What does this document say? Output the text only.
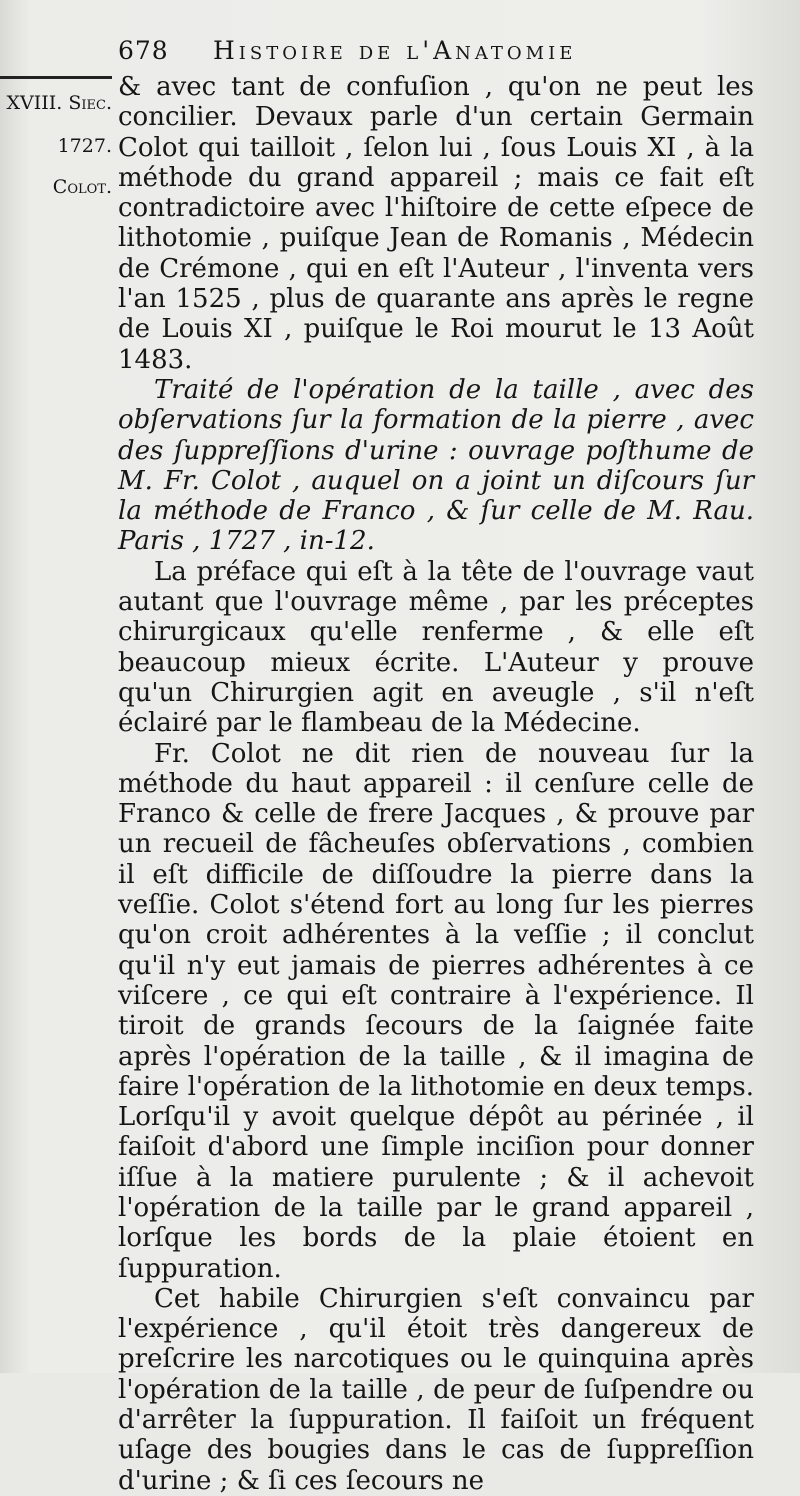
678 Histoire de l'Anatomie
XVIII. Siec.
1727.
Colot.

& avec tant de confuſion , qu'on ne peut les concilier. Devaux parle d'un certain Germain Colot qui tailloit , ſelon lui , ſous Louis XI , à la méthode du grand appareil ; mais ce fait eſt contradictoire avec l'hiſtoire de cette eſpece de lithotomie , puiſque Jean de Romanis , Médecin de Crémone , qui en eſt l'Auteur , l'inventa vers l'an 1525 , plus de quarante ans après le regne de Louis XI , puiſque le Roi mourut le 13 Août 1483.

Traité de l'opération de la taille , avec des obſervations ſur la formation de la pierre , avec des ſuppreſſions d'urine : ouvrage poſthume de M. Fr. Colot , auquel on a joint un diſcours ſur la méthode de Franco , & ſur celle de M. Rau. Paris , 1727 , in-12.

La préface qui eſt à la tête de l'ouvrage vaut autant que l'ouvrage même , par les préceptes chirurgicaux qu'elle renferme , & elle eſt beaucoup mieux écrite. L'Auteur y prouve qu'un Chirurgien agit en aveugle , s'il n'eſt éclairé par le flambeau de la Médecine.

Fr. Colot ne dit rien de nouveau ſur la méthode du haut appareil : il cenſure celle de Franco & celle de frere Jacques , & prouve par un recueil de fâcheuſes obſervations , combien il eſt difficile de diſſoudre la pierre dans la veſſie. Colot s'étend fort au long ſur les pierres qu'on croit adhérentes à la veſſie ; il conclut qu'il n'y eut jamais de pierres adhérentes à ce viſcere , ce qui eſt contraire à l'expérience. Il tiroit de grands ſecours de la ſaignée faite après l'opération de la taille , & il imagina de faire l'opération de la lithotomie en deux temps. Lorſqu'il y avoit quelque dépôt au périnée , il faiſoit d'abord une ſimple inciſion pour donner iſſue à la matiere purulente ; & il achevoit l'opération de la taille par le grand appareil , lorſque les bords de la plaie étoient en ſuppuration.

Cet habile Chirurgien s'eſt convaincu par l'expérience , qu'il étoit très dangereux de preſcrire les narcotiques ou le quinquina après l'opération de la taille , de peur de ſuſpendre ou d'arrêter la ſuppuration. Il faiſoit un fréquent uſage des bougies dans le cas de ſuppreſſion d'urine ; & ſi ces ſecours ne
